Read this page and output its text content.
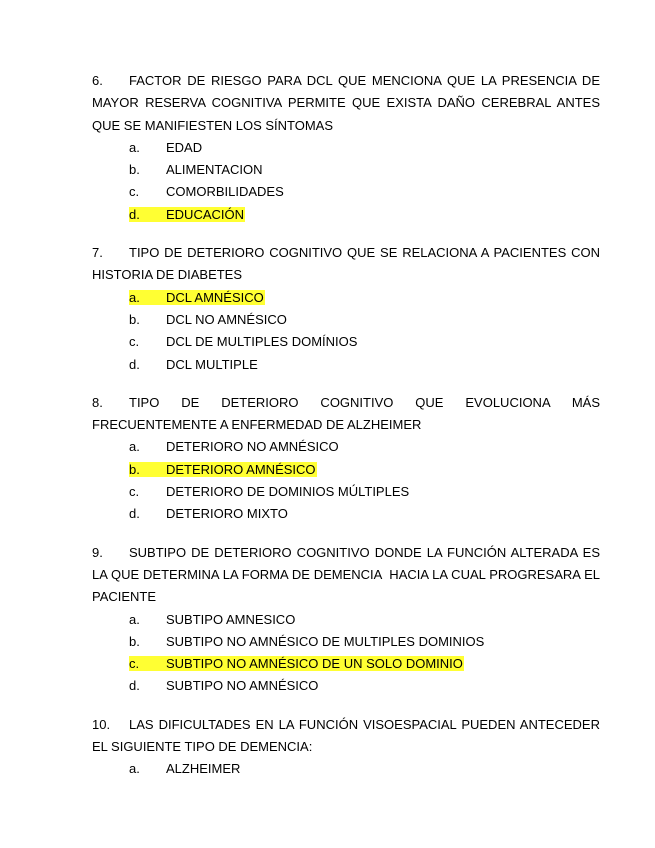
6. FACTOR DE RIESGO PARA DCL QUE MENCIONA QUE LA PRESENCIA DE MAYOR RESERVA COGNITIVA PERMITE QUE EXISTA DAÑO CEREBRAL ANTES QUE SE MANIFIESTEN LOS SÍNTOMAS

a. EDAD
b. ALIMENTACION
c. COMORBILIDADES
d. EDUCACIÓN

7. TIPO DE DETERIORO COGNITIVO QUE SE RELACIONA A PACIENTES CON HISTORIA DE DIABETES

a. DCL AMNÉSICO
b. DCL NO AMNÉSICO
c. DCL DE MULTIPLES DOMÍNIOS
d. DCL MULTIPLE

8. TIPO DE DETERIORO COGNITIVO QUE EVOLUCIONA MÁS FRECUENTEMENTE A ENFERMEDAD DE ALZHEIMER

a. DETERIORO NO AMNÉSICO
b. DETERIORO AMNÉSICO
c. DETERIORO DE DOMINIOS MÚLTIPLES
d. DETERIORO MIXTO

9. SUBTIPO DE DETERIORO COGNITIVO DONDE LA FUNCIÓN ALTERADA ES LA QUE DETERMINA LA FORMA DE DEMENCIA  HACIA LA CUAL PROGRESARA EL PACIENTE

a. SUBTIPO AMNESICO
b. SUBTIPO NO AMNÉSICO DE MULTIPLES DOMINIOS
c. SUBTIPO NO AMNÉSICO DE UN SOLO DOMINIO
d. SUBTIPO NO AMNÉSICO

10. LAS DIFICULTADES EN LA FUNCIÓN VISOESPACIAL PUEDEN ANTECEDER EL SIGUIENTE TIPO DE DEMENCIA:

a. ALZHEIMER
